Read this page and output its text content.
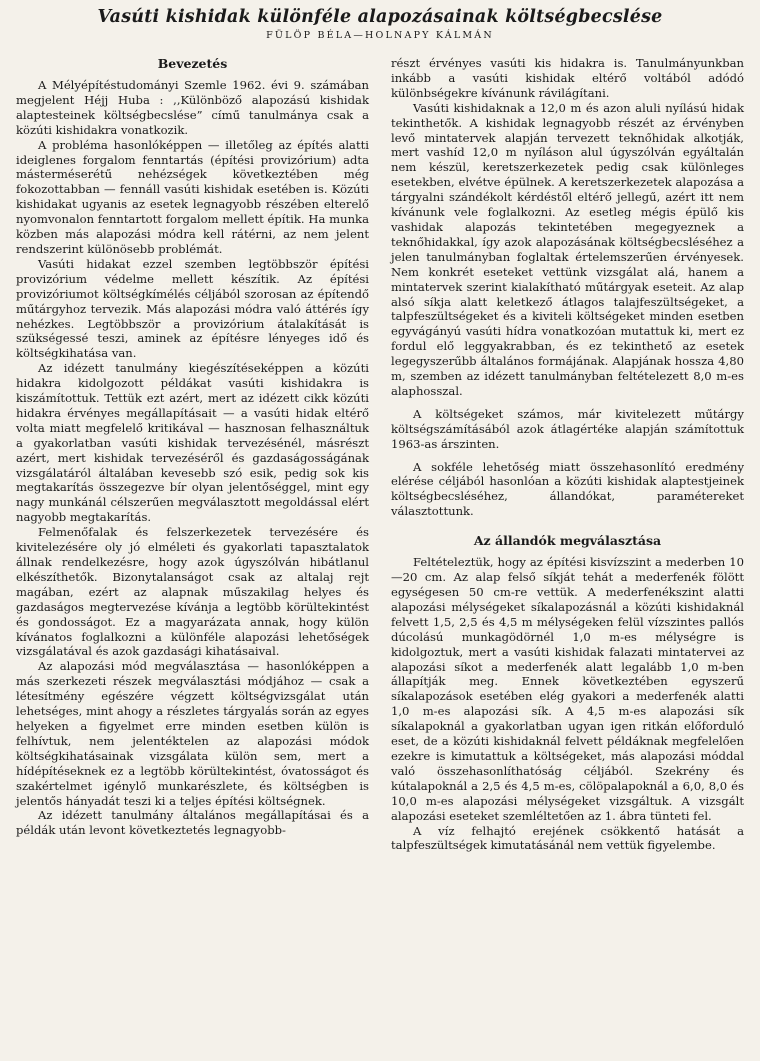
Vasúti kishidak különféle alapozásainak költségbecslése
FÜLÖP BÉLA—HOLNAPY KÁLMÁN
Bevezetés

A Mélyépítéstudományi Szemle 1962. évi 9. számában megjelent Héjj Huba : ,,Különböző alapozású kishidak alaptesteinek költségbecslése” című tanulmánya csak a közúti kishidakra vonatkozik.

A probléma hasonlóképpen — illetőleg az építés alatti ideiglenes forgalom fenntartás (építési provizórium) adta másterméserétű nehézségek következtében még fokozottabban — fennáll vasúti kishidak esetében is. Közúti kishidakat ugyanis az esetek legnagyobb részében elterelő nyomvonalon fenntartott forgalom mellett építik. Ha munka közben más alapozási módra kell rátérni, az nem jelent rendszerint különösebb problémát.

Vasúti hidakat ezzel szemben legtöbbször építési provizórium védelme mellett készítik. Az építési provizóriumot költségkímélés céljából szorosan az építendő műtárgyhoz tervezik. Más alapozási módra való áttérés így nehézkes. Legtöbbször a provizórium átalakítását is szükségessé teszi, aminek az építésre lényeges idő és költségkihatása van.

Az idézett tanulmány kiegészítéseképpen a közúti hidakra kidolgozott példákat vasúti kishidakra is kiszámítottuk. Tettük ezt azért, mert az idézett cikk közúti hidakra érvényes megállapításait — a vasúti hidak eltérő volta miatt megfelelő kritikával — hasznosan felhasználtuk a gyakorlatban vasúti kishidak tervezésénél, másrészt azért, mert kishidak tervezéséről és gazdaságosságának vizsgálatáról általában kevesebb szó esik, pedig sok kis megtakarítás összegezve bír olyan jelentőséggel, mint egy nagy munkánál célszerűen megválasztott megoldással elért nagyobb megtakarítás.

Felmenőfalak és felszerkezetek tervezésére és kivitelezésére oly jó elméleti és gyakorlati tapasztalatok állnak rendelkezésre, hogy azok úgyszólván hibátlanul elkészíthetők. Bizonytalanságot csak az altalaj rejt magában, ezért az alapnak műszakilag helyes és gazdaságos megtervezése kívánja a legtöbb körültekintést és gondosságot. Ez a magyarázata annak, hogy külön kívánatos foglalkozni a különféle alapozási lehetőségek vizsgálatával és azok gazdasági kihatásaival.

Az alapozási mód megválasztása — hasonlóképpen a más szerkezeti részek megválasztási módjához — csak a létesítmény egészére végzett költségvizsgálat után lehetséges, mint ahogy a részletes tárgyalás során az egyes helyeken a figyelmet erre minden esetben külön is felhívtuk, nem jelentéktelen az alapozási módok költségkihatásainak vizsgálata külön sem, mert a hídépítéseknek ez a legtöbb körültekintést, óvatosságot és szakértelmet igénylő munkarészlete, és költségben is jelentős hányadát teszi ki a teljes építési költségnek.

Az idézett tanulmány általános megállapításai és a példák után levont következtetés legnagyobb-

részt érvényes vasúti kis hidakra is. Tanulmányunkban inkább a vasúti kishidak eltérő voltából adódó különbségekre kívánunk rávilágítani.

Vasúti kishidaknak a 12,0 m és azon aluli nyílású hidak tekinthetők. A kishidak legnagyobb részét az érvényben levő mintatervek alapján tervezett teknőhidak alkotják, mert vashíd 12,0 m nyíláson alul úgyszólván egyáltalán nem készül, keretszerkezetek pedig csak különleges esetekben, elvétve épülnek. A keretszerkezetek alapozása a tárgyalni szándékolt kérdéstől eltérő jellegű, azért itt nem kívánunk vele foglalkozni. Az esetleg mégis épülő kis vashidak alapozás tekintetében megegyeznek a teknőhidakkal, így azok alapozásának költségbecsléséhez a jelen tanulmányban foglaltak értelemszerűen érvényesek. Nem konkrét eseteket vettünk vizsgálat alá, hanem a mintatervek szerint kialakítható műtárgyak eseteit. Az alap alsó síkja alatt keletkező átlagos talajfeszültségeket, a talpfeszültségeket és a kiviteli költségeket minden esetben egyvágányú vasúti hídra vonatkozóan mutattuk ki, mert ez fordul elő leggyakrabban, és ez tekinthető az esetek legegyszerűbb általános formájának. Alapjának hossza 4,80 m, szemben az idézett tanulmányban feltételezett 8,0 m-es alaphosszal.

A költségeket számos, már kivitelezett műtárgy költségszámításából azok átlagértéke alapján számítottuk 1963-as árszinten.

A sokféle lehetőség miatt összehasonlító eredmény elérése céljából hasonlóan a közúti kishidak alaptestjeinek költségbecsléséhez, állandókat, paramétereket választottunk.

Az állandók megválasztása

Feltételeztük, hogy az építési kisvízszint a mederben 10—20 cm. Az alap felső síkját tehát a mederfenék fölött egységesen 50 cm-re vettük. A mederfenékszint alatti alapozási mélységeket síkalapozásnál a közúti kishidaknál felvett 1,5, 2,5 és 4,5 m mélységeken felül vízszintes pallós dúcolású munkagödörnél 1,0 m-es mélységre is kidolgoztuk, mert a vasúti kishidak falazati mintatervei az alapozási síkot a mederfenék alatt legalább 1,0 m-ben állapítják meg. Ennek következtében egyszerű síkalapozások esetében elég gyakori a mederfenék alatti 1,0 m-es alapozási sík. A 4,5 m-es alapozási sík síkalapoknál a gyakorlatban ugyan igen ritkán előforduló eset, de a közúti kishidaknál felvett példáknak megfelelően ezekre is kimutattuk a költségeket, más alapozási móddal való összehasonlíthatóság céljából. Szekrény és kútalapoknál a 2,5 és 4,5 m-es, cölöpalapoknál a 6,0, 8,0 és 10,0 m-es alapozási mélységeket vizsgáltuk. A vizsgált alapozási eseteket szemléltetően az 1. ábra tünteti fel.

A víz felhajtó erejének csökkentő hatását a talpfeszültségek kimutatásánál nem vettük figyelembe.
